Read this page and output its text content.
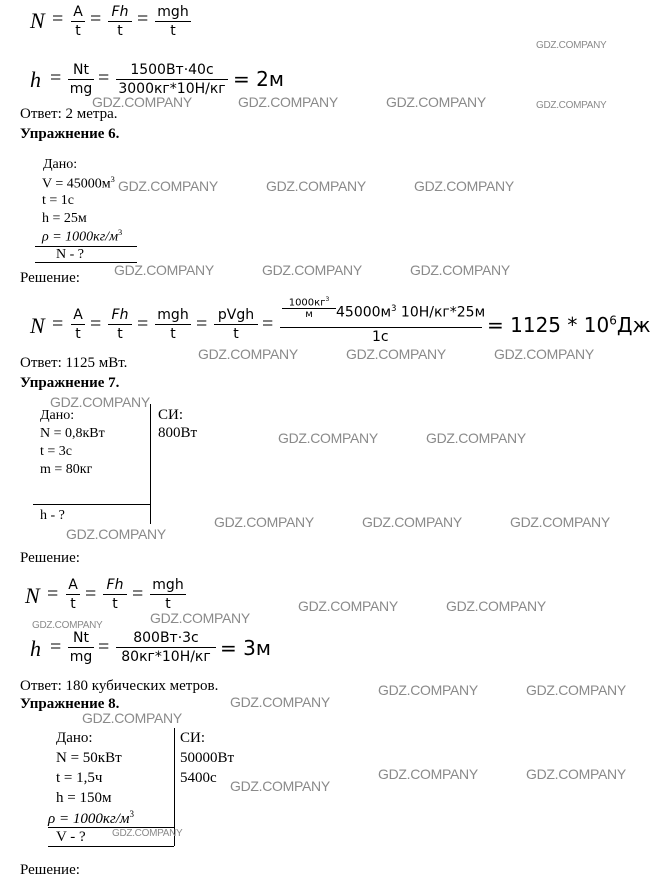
N = A
t
= Fh
t
= mgh
t
h = Nt
mg =	1500Вт·40с
3000кг*10Н/кг = 2м
Ответ: 2 метра.
Упражнение 6.
Дано:
$V = 45000м^3$
t = 1c
h = 25м
$\rho = 1000кг/м^3$
N - ?
Решение:
N = A
t = Fh
t = mgh
t	= pVgh
t	=
$1000кг^3$
м	$45000м^3$ 10Н/кг*25м
1с	= $1125 * 10^6Дж$
Ответ: 1125 мВт.
Упражнение 7.
Дано:
N = 0,8кВт
t = 3c
m = 80кг
h - ?
СИ:
800Вт
Решение:
N = A
t = Fh
t = mgh
t
h = Nt
mg =	800Вт·3с
80кг*10Н/кг = 3м
Ответ: 180 кубических метров.
Упражнение 8.
Дано:
N = 50кВт
t = 1,5ч
h = 150м
$\rho = 1000кг/м^3$
V - ?
СИ:
50000Вт
5400с
Решение:
GDZ.COMPANY
GDZ.COMPANY	GDZ.COMPANY	GDZ.COMPANY	GDZ.COMPANY
GDZ.COMPANY	GDZ.COMPANY	GDZ.COMPANY
GDZ.COMPANY	GDZ.COMPANY	GDZ.COMPANY
GDZ.COMPANY	GDZ.COMPANY	GDZ.COMPANY
GDZ.COMPANY
GDZ.COMPANY	GDZ.COMPANY
GDZ.COMPANY	GDZ.COMPANY	GDZ.COMPANY
GDZ.COMPANY
GDZ.COMPANY	GDZ.COMPANY
GDZ.COMPANY
GDZ.COMPANY
GDZ.COMPANY	GDZ.COMPANY
GDZ.COMPANY
GDZ.COMPANY
GDZ.COMPANY	GDZ.COMPANY
GDZ.COMPANY
GDZ.COMPANY
